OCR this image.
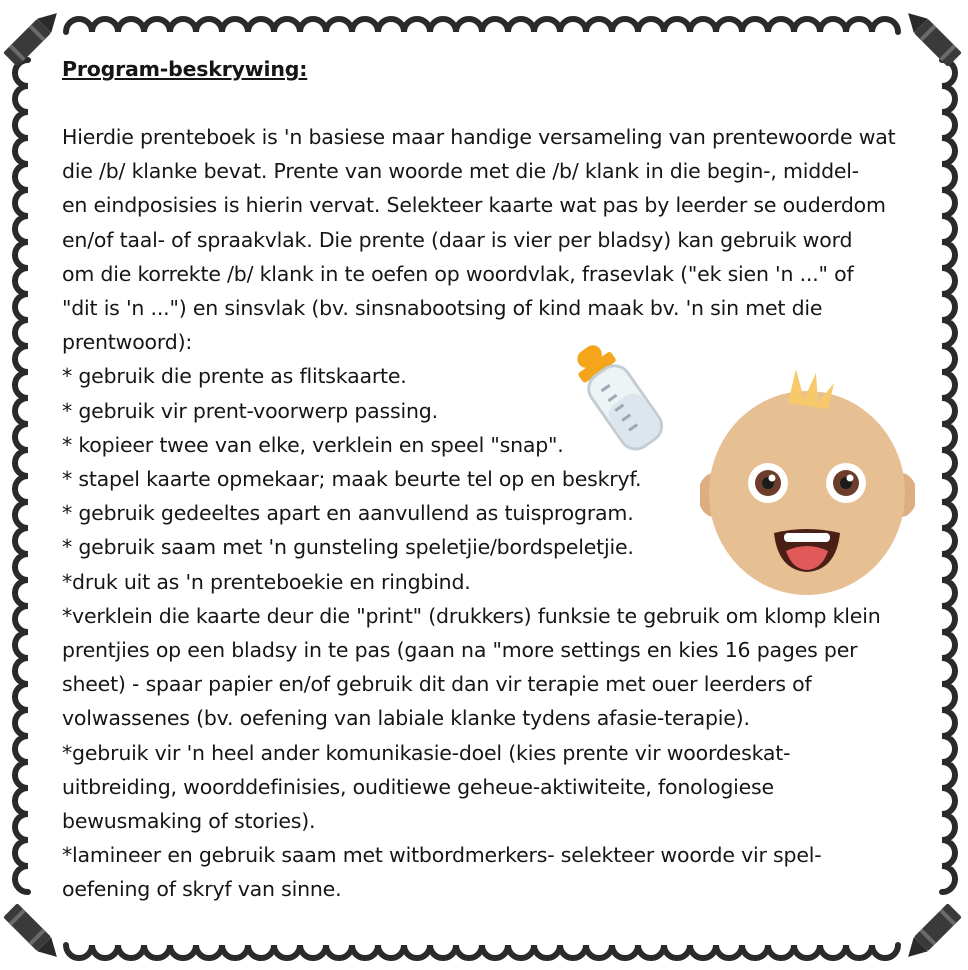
Program-beskrywing:
Hierdie prenteboek is 'n basiese maar handige versameling van prentewoorde wat
die /b/ klanke bevat. Prente van woorde met die /b/ klank in die begin-, middel-
en eindposisies is hierin vervat. Selekteer kaarte wat pas by leerder se ouderdom
en/of taal- of spraakvlak. Die prente (daar is vier per bladsy) kan gebruik word
om die korrekte /b/ klank in te oefen op woordvlak, frasevlak ("ek sien 'n ..." of
"dit is 'n ...") en sinsvlak (bv. sinsnabootsing of kind maak bv. 'n sin met die
prentwoord):
* gebruik die prente as flitskaarte.
* gebruik vir prent-voorwerp passing.
* kopieer twee van elke, verklein en speel "snap".
* stapel kaarte opmekaar; maak beurte tel op en beskryf.
* gebruik gedeeltes apart en aanvullend as tuisprogram.
* gebruik saam met 'n gunsteling speletjie/bordspeletjie.
*druk uit as 'n prenteboekie en ringbind.
*verklein die kaarte deur die "print" (drukkers) funksie te gebruik om klomp klein
prentjies op een bladsy in te pas (gaan na "more settings en kies 16 pages per
sheet) - spaar papier en/of gebruik dit dan vir terapie met ouer leerders of
volwassenes (bv. oefening van labiale klanke tydens afasie-terapie).
*gebruik vir 'n heel ander komunikasie-doel (kies prente vir woordeskat-
uitbreiding, woorddefinisies, ouditiewe geheue-aktiwiteite, fonologiese
bewusmaking of stories).
*lamineer en gebruik saam met witbordmerkers- selekteer woorde vir spel-
oefening of skryf van sinne.
